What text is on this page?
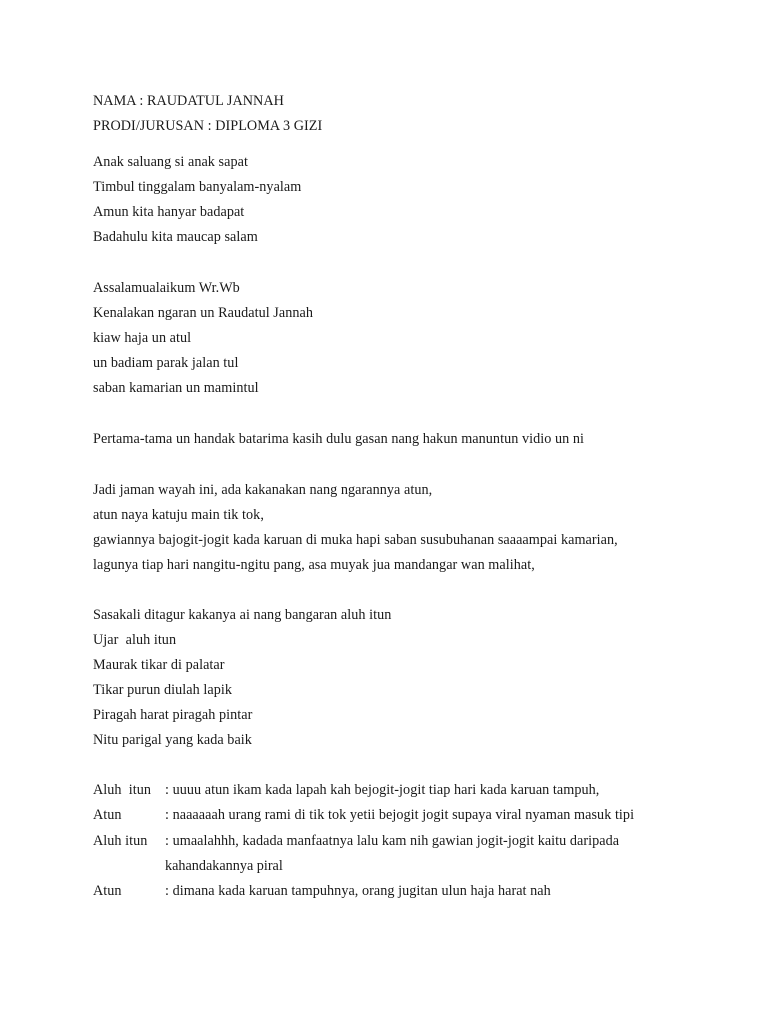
NAMA : RAUDATUL JANNAH
PRODI/JURUSAN : DIPLOMA 3 GIZI
Anak saluang si anak sapat
Timbul tinggalam banyalam-nyalam
Amun kita hanyar badapat
Badahulu kita maucap salam
Assalamualaikum Wr.Wb
Kenalakan ngaran un Raudatul Jannah
kiaw haja un atul
un badiam parak jalan tul
saban kamarian un mamintul
Pertama-tama un handak batarima kasih dulu gasan nang hakun manuntun vidio un ni
Jadi jaman wayah ini, ada kakanakan nang ngarannya atun,
atun naya katuju main tik tok,
gawiannya bajogit-jogit kada karuan di muka hapi saban susubuhanan saaaampai kamarian,
lagunya tiap hari nangitu-ngitu pang, asa muyak jua mandangar wan malihat,
Sasakali ditagur kakanya ai nang bangaran aluh itun
Ujar  aluh itun
Maurak tikar di palatar
Tikar purun diulah lapik
Piragah harat piragah pintar
Nitu parigal yang kada baik
Aluh  itun : uuuu atun ikam kada lapah kah bejogit-jogit tiap hari kada karuan tampuh,
Atun	: naaaaaah urang rami di tik tok yetii bejogit jogit supaya viral nyaman masuk tipi
Aluh itun : umaalahhh, kadada manfaatnya lalu kam nih gawian jogit-jogit kaitu daripada
kahandakannya piral
Atun	: dimana kada karuan tampuhnya, orang jugitan ulun haja harat nah
